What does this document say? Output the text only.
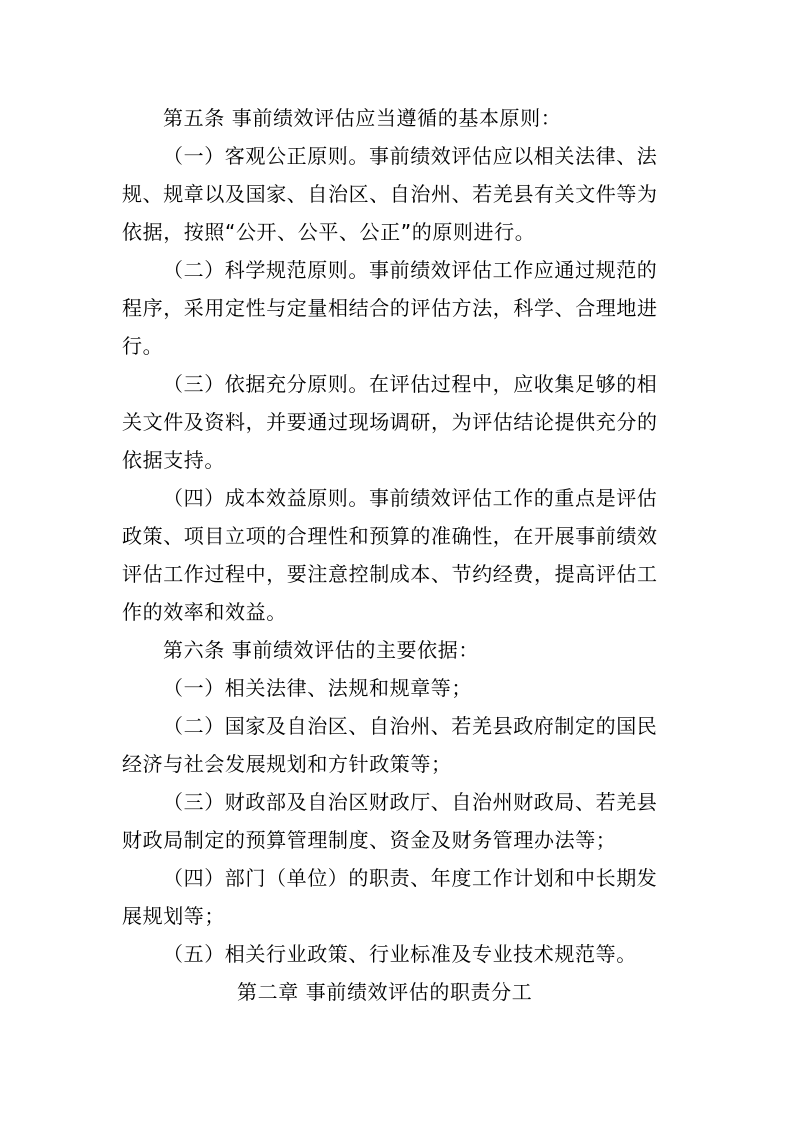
第五条 事前绩效评估应当遵循的基本原则：
（一）客观公正原则。事前绩效评估应以相关法律、法
规、规章以及国家、自治区、自治州、若羌县有关文件等为
依据，按照“公开、公平、公正”的原则进行。
（二）科学规范原则。事前绩效评估工作应通过规范的
程序，采用定性与定量相结合的评估方法，科学、合理地进
行。
（三）依据充分原则。在评估过程中，应收集足够的相
关文件及资料，并要通过现场调研，为评估结论提供充分的
依据支持。
（四）成本效益原则。事前绩效评估工作的重点是评估
政策、项目立项的合理性和预算的准确性，在开展事前绩效
评估工作过程中，要注意控制成本、节约经费，提高评估工
作的效率和效益。
第六条 事前绩效评估的主要依据：
（一）相关法律、法规和规章等；
（二）国家及自治区、自治州、若羌县政府制定的国民
经济与社会发展规划和方针政策等；
（三）财政部及自治区财政厅、自治州财政局、若羌县
财政局制定的预算管理制度、资金及财务管理办法等；
（四）部门（单位）的职责、年度工作计划和中长期发
展规划等；
（五）相关行业政策、行业标准及专业技术规范等。
第二章 事前绩效评估的职责分工
